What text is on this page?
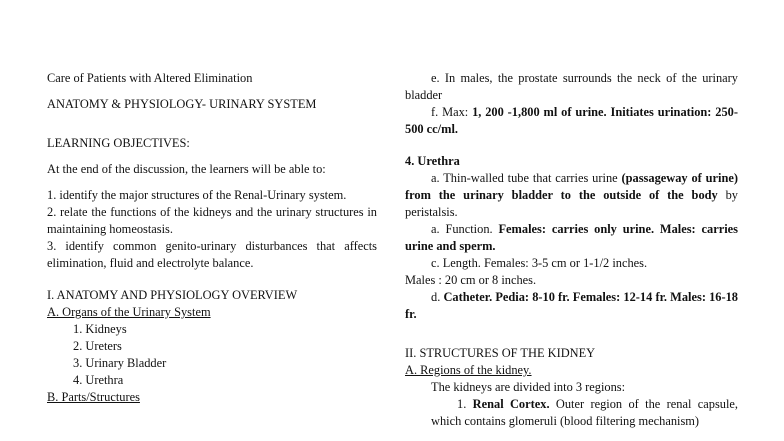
Care of Patients with Altered Elimination

ANATOMY & PHYSIOLOGY- URINARY SYSTEM

LEARNING OBJECTIVES:

At the end of the discussion, the learners will be able to:

1. identify the major structures of the Renal-Urinary system.

2. relate the functions of the kidneys and the urinary structures in maintaining homeostasis.

3. identify common genito-urinary disturbances that affects elimination, fluid and electrolyte balance.

I. ANATOMY AND PHYSIOLOGY OVERVIEW

A. Organs of the Urinary System

1. Kidneys

2. Ureters

3. Urinary Bladder

4. Urethra

B. Parts/Structures

e. In males, the prostate surrounds the neck of the urinary bladder

f. Max: 1, 200 -1,800 ml of urine. Initiates urination: 250-500 cc/ml.

4. Urethra

a. Thin-walled tube that carries urine (passageway of urine) from the urinary bladder to the outside of the body by peristalsis.

a. Function. Females: carries only urine. Males: carries urine and sperm.

c. Length. Females: 3-5 cm or 1-1/2 inches.

Males : 20 cm or 8 inches.

d. Catheter. Pedia: 8-10 fr. Females: 12-14 fr. Males: 16-18 fr.

II. STRUCTURES OF THE KIDNEY

A. Regions of the kidney.

The kidneys are divided into 3 regions:

1. Renal Cortex. Outer region of the renal capsule, which contains glomeruli (blood filtering mechanism)
